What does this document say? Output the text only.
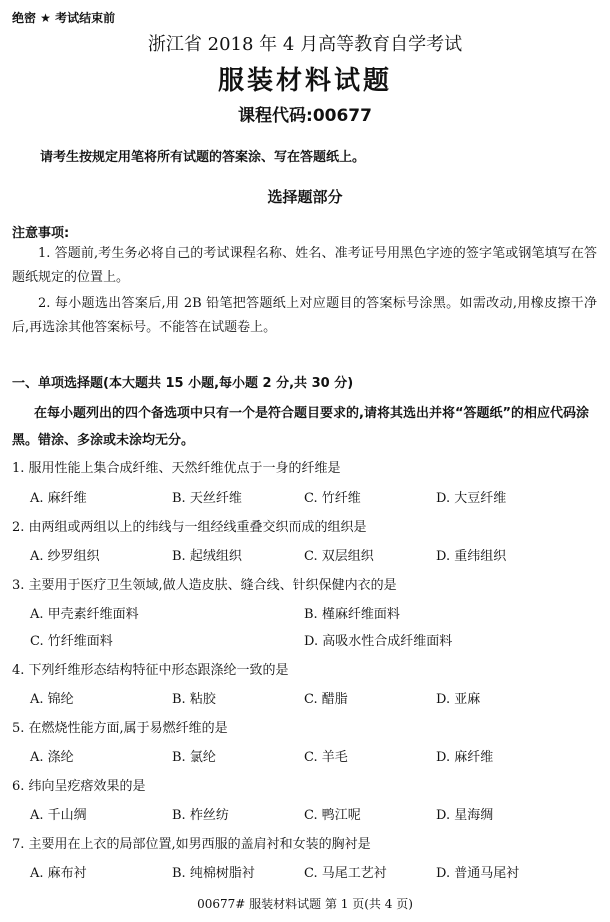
绝密 ★ 考试结束前
浙江省 2018 年 4 月高等教育自学考试
服装材料试题
课程代码:00677
请考生按规定用笔将所有试题的答案涂、写在答题纸上。
选择题部分
注意事项:
1. 答题前,考生务必将自己的考试课程名称、姓名、准考证号用黑色字迹的签字笔或钢笔填写在答题纸规定的位置上。
2. 每小题选出答案后,用 2B 铅笔把答题纸上对应题目的答案标号涂黑。如需改动,用橡皮擦干净后,再选涂其他答案标号。不能答在试题卷上。
一、单项选择题(本大题共 15 小题,每小题 2 分,共 30 分)
在每小题列出的四个备选项中只有一个是符合题目要求的,请将其选出并将“答题纸”的相应代码涂黑。错涂、多涂或未涂均无分。
1. 服用性能上集合成纤维、天然纤维优点于一身的纤维是
A. 麻纤维	B. 天丝纤维	C. 竹纤维	D. 大豆纤维
2. 由两组或两组以上的纬线与一组经线重叠交织而成的组织是
A. 纱罗组织	B. 起绒组织	C. 双层组织	D. 重纬组织
3. 主要用于医疗卫生领域,做人造皮肤、缝合线、针织保健内衣的是
A. 甲壳素纤维面料	B. 槿麻纤维面料
C. 竹纤维面料	D. 高吸水性合成纤维面料
4. 下列纤维形态结构特征中形态跟涤纶一致的是
A. 锦纶	B. 粘胶	C. 醋脂	D. 亚麻
5. 在燃烧性能方面,属于易燃纤维的是
A. 涤纶	B. 氯纶	C. 羊毛	D. 麻纤维
6. 纬向呈疙瘩效果的是
A. 千山绸	B. 柞丝纺	C. 鸭江呢	D. 星海绸
7. 主要用在上衣的局部位置,如男西服的盖肩衬和女装的胸衬是
A. 麻布衬	B. 纯棉树脂衬	C. 马尾工艺衬	D. 普通马尾衬
00677# 服装材料试题 第 1 页(共 4 页)
